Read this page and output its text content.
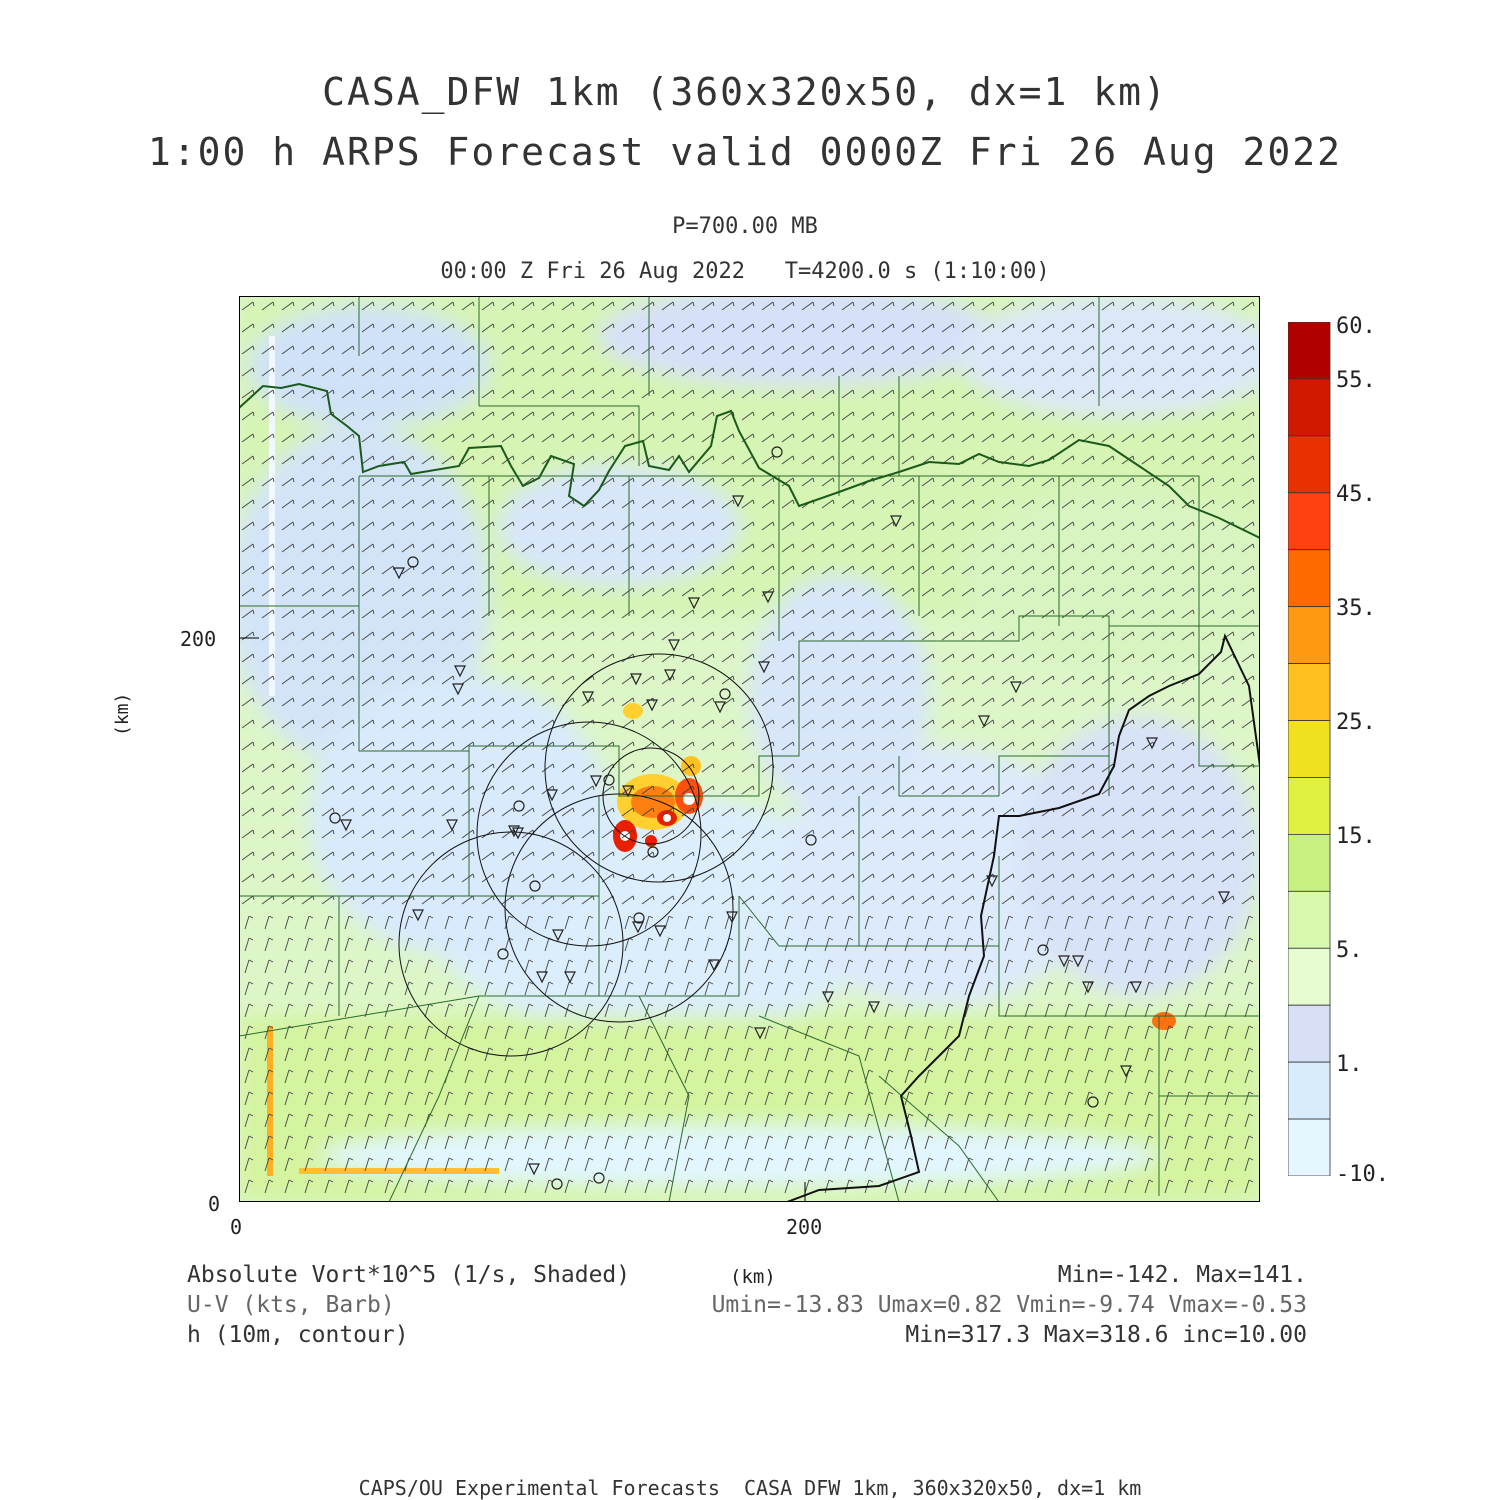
CASA_DFW 1km (360x320x50, dx=1 km)
1:00 h ARPS Forecast valid 0000Z Fri 26 Aug 2022
P=700.00 MB
00:00 Z Fri 26 Aug 2022   T=4200.0 s (1:10:00)
200
0
0	200
(km)
(km)
60.
55.
45.
35.
25.
15.
5.
1.
-10.
Absolute Vort*10^5 (1/s, Shaded)
U-V (kts, Barb)
h (10m, contour)
Min=-142. Max=141.
Umin=-13.83 Umax=0.82 Vmin=-9.74 Vmax=-0.53
Min=317.3 Max=318.6 inc=10.00
CAPS/OU Experimental Forecasts  CASA DFW 1km, 360x320x50, dx=1 km
